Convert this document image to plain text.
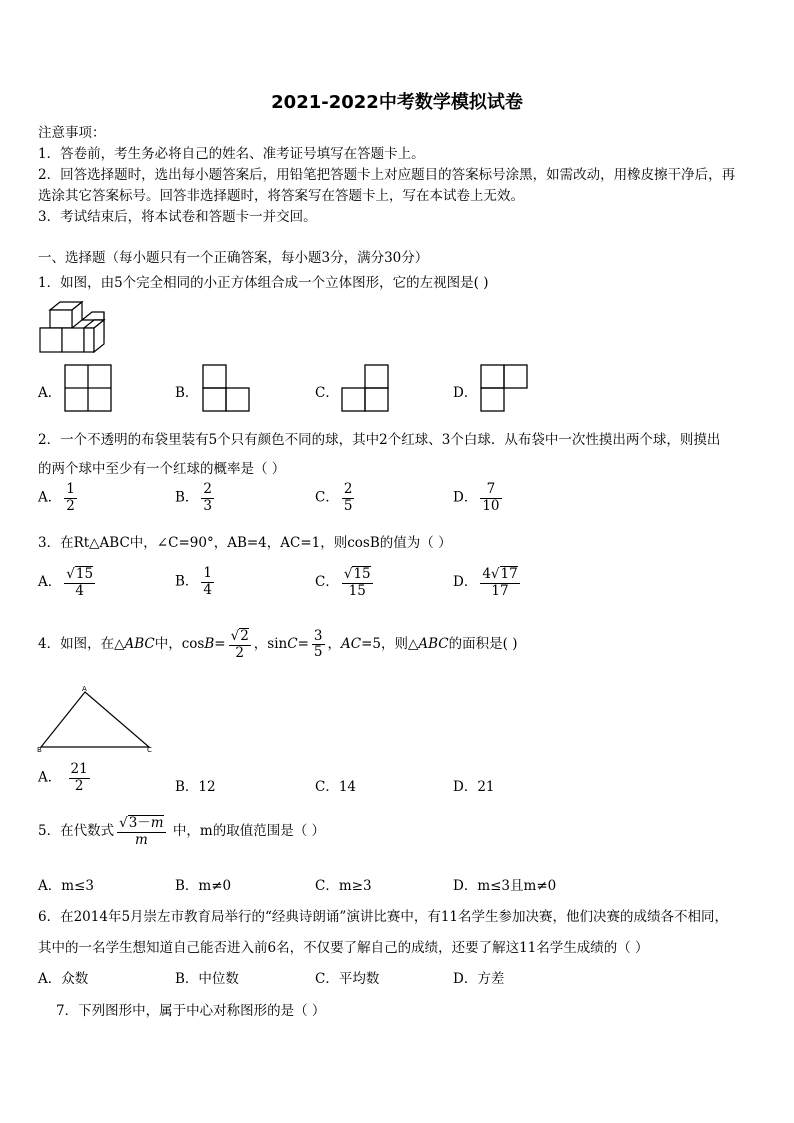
2021-2022中考数学模拟试卷
注意事项：
1．答卷前，考生务必将自己的姓名、准考证号填写在答题卡上。
2．回答选择题时，选出每小题答案后，用铅笔把答题卡上对应题目的答案标号涂黑，如需改动，用橡皮擦干净后，再
选涂其它答案标号。回答非选择题时，将答案写在答题卡上，写在本试卷上无效。
3．考试结束后，将本试卷和答题卡一并交回。
一、选择题（每小题只有一个正确答案，每小题3分，满分30分）
1．如图，由5个完全相同的小正方体组合成一个立体图形，它的左视图是( )
A．	B．	C．	D．
2．一个不透明的布袋里装有5个只有颜色不同的球，其中2个红球、3个白球．从布袋中一次性摸出两个球，则摸出
的两个球中至少有一个红球的概率是（ ）
A． $\frac{1}{2}$	B． $\frac{2}{3}$	C． $\frac{2}{5}$	D． $\frac{7}{10}$
3．在Rt△ABC中，∠C=90°，AB=4，AC=1，则cosB的值为（ ）
A． $\frac{√15}{4}$	B． $\frac{1}{4}$	C． $\frac{√15}{15}$	D． $\frac{4√17}{17}$
4．如图，在△ABC中，$\cos B= \frac{√2}{2}$ ，$\sin C= \frac{3}{5}$ ，AC=5，则△ABC的面积是( )
A
B	C
A． $\frac{21}{2}$	B．12	C．14	D．21
5．在代数式 $\frac{√3-m}{m}$ 中，m的取值范围是（ ）
A．m≤3	B．m≠0	C．m≥3	D．m≤3且m≠0
6．在2014年5月崇左市教育局举行的“经典诗朗诵”演讲比赛中，有11名学生参加决赛，他们决赛的成绩各不相同，
其中的一名学生想知道自己能否进入前6名，不仅要了解自己的成绩，还要了解这11名学生成绩的（ ）
A．众数	B．中位数	C．平均数	D．方差
7．下列图形中，属于中心对称图形的是（ ）
